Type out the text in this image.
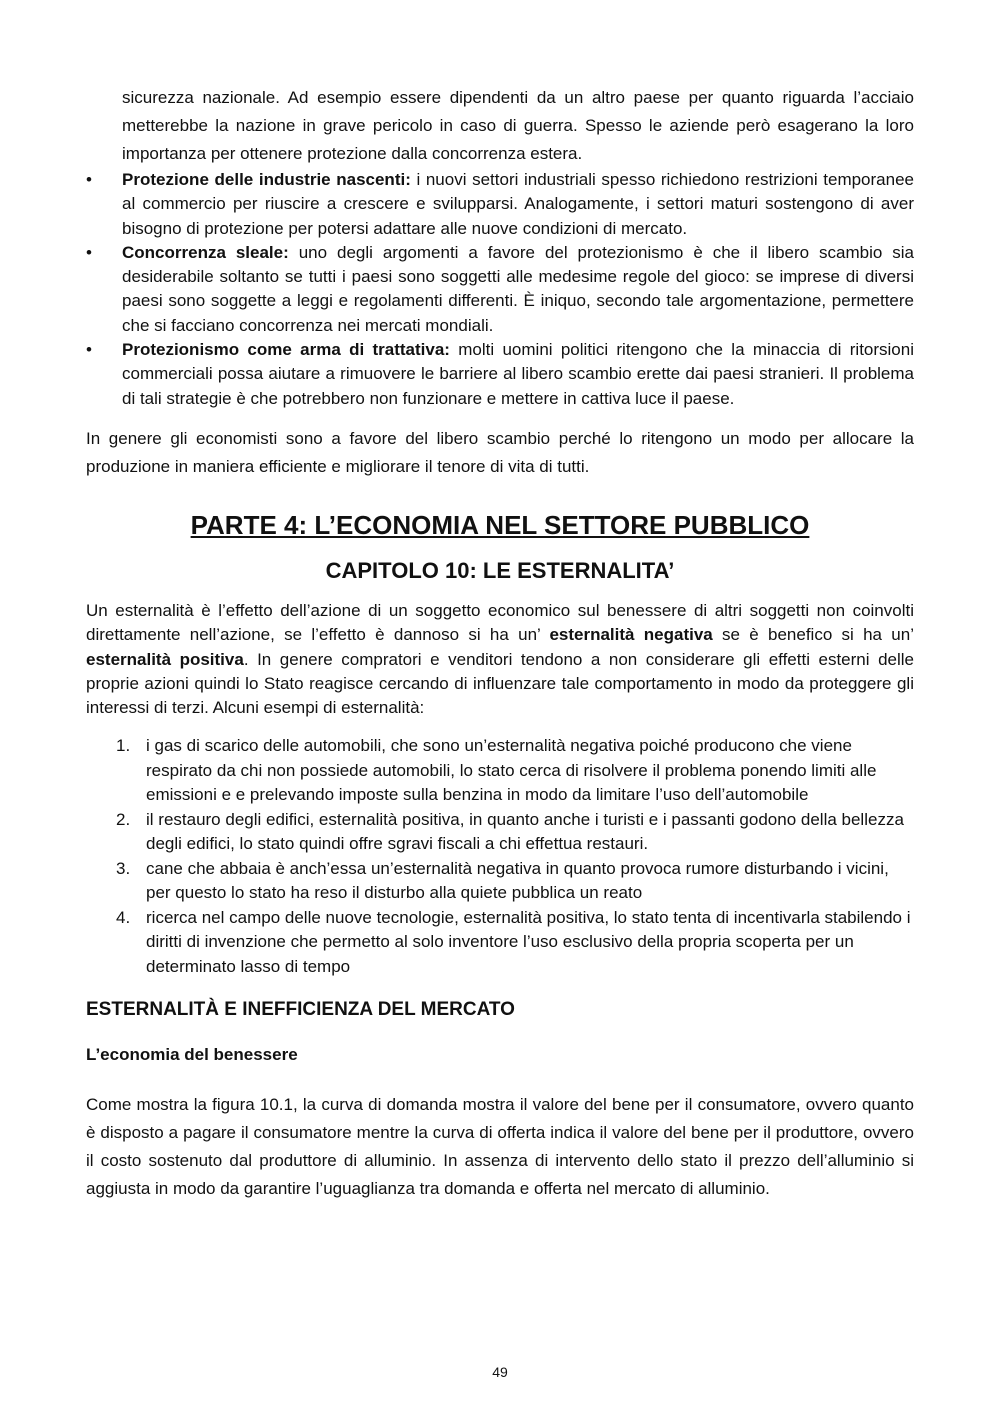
sicurezza nazionale. Ad esempio essere dipendenti da un altro paese per quanto riguarda l’acciaio metterebbe la nazione in grave pericolo in caso di guerra. Spesso le aziende però esagerano la loro importanza per ottenere protezione dalla concorrenza estera.

• Protezione delle industrie nascenti: i nuovi settori industriali spesso richiedono restrizioni temporanee al commercio per riuscire a crescere e svilupparsi. Analogamente, i settori maturi sostengono di aver bisogno di protezione per potersi adattare alle nuove condizioni di mercato.
• Concorrenza sleale: uno degli argomenti a favore del protezionismo è che il libero scambio sia desiderabile soltanto se tutti i paesi sono soggetti alle medesime regole del gioco: se imprese di diversi paesi sono soggette a leggi e regolamenti differenti. È iniquo, secondo tale argomentazione, permettere che si facciano concorrenza nei mercati mondiali.
• Protezionismo come arma di trattativa: molti uomini politici ritengono che la minaccia di ritorsioni commerciali possa aiutare a rimuovere le barriere al libero scambio erette dai paesi stranieri. Il problema di tali strategie è che potrebbero non funzionare e mettere in cattiva luce il paese.

In genere gli economisti sono a favore del libero scambio perché lo ritengono un modo per allocare la produzione in maniera efficiente e migliorare il tenore di vita di tutti.

PARTE 4: L’ECONOMIA NEL SETTORE PUBBLICO
CAPITOLO 10: LE ESTERNALITA’

Un esternalità è l’effetto dell’azione di un soggetto economico sul benessere di altri soggetti non coinvolti direttamente nell’azione, se l’effetto è dannoso si ha un’ esternalità negativa se è benefico si ha un’ esternalità positiva. In genere compratori e venditori tendono a non considerare gli effetti esterni delle proprie azioni quindi lo Stato reagisce cercando di influenzare tale comportamento in modo da proteggere gli interessi di terzi. Alcuni esempi di esternalità:

1. i gas di scarico delle automobili, che sono un’esternalità negativa poiché producono che viene respirato da chi non possiede automobili, lo stato cerca di risolvere il problema ponendo limiti alle emissioni e e prelevando imposte sulla benzina in modo da limitare l’uso dell’automobile
2. il restauro degli edifici, esternalità positiva, in quanto anche i turisti e i passanti godono della bellezza degli edifici, lo stato quindi offre sgravi fiscali a chi effettua restauri.
3. cane che abbaia è anch’essa un’esternalità negativa in quanto provoca rumore disturbando i vicini, per questo lo stato ha reso il disturbo alla quiete pubblica un reato
4. ricerca nel campo delle nuove tecnologie, esternalità positiva, lo stato tenta di incentivarla stabilendo i diritti di invenzione che permetto al solo inventore l’uso esclusivo della propria scoperta per un determinato lasso di tempo
ESTERNALITÀ E INEFFICIENZA DEL MERCATO
L’economia del benessere

Come mostra la figura 10.1, la curva di domanda mostra il valore del bene per il consumatore, ovvero quanto è disposto a pagare il consumatore mentre la curva di offerta indica il valore del bene per il produttore, ovvero il costo sostenuto dal produttore di alluminio. In assenza di intervento dello stato il prezzo dell’alluminio si aggiusta in modo da garantire l’uguaglianza tra domanda e offerta nel mercato di alluminio.

49
